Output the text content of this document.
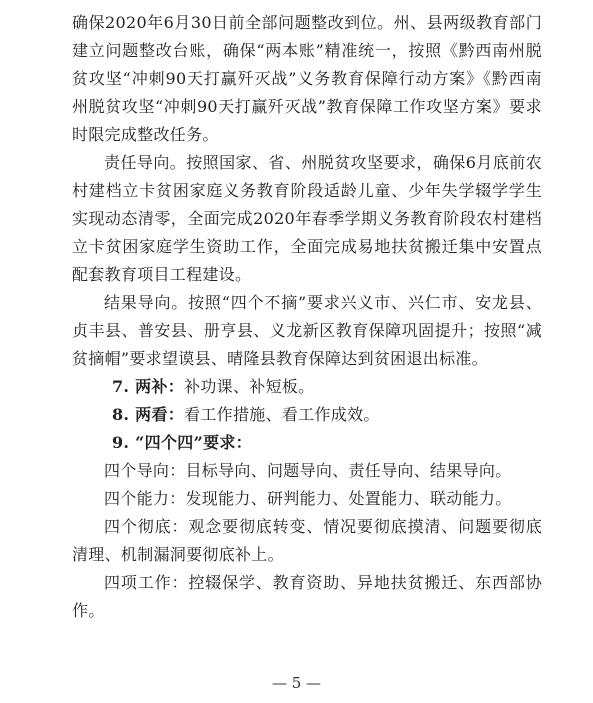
确保2020年6月30日前全部问题整改到位。州、县两级教育部门建立问题整改台账，确保“两本账”精准统一，按照《黔西南州脱贫攻坚“冲刺90天打赢歼灭战”义务教育保障行动方案》《黔西南州脱贫攻坚“冲刺90天打赢歼灭战”教育保障工作攻坚方案》要求时限完成整改任务。

责任导向。按照国家、省、州脱贫攻坚要求，确保6月底前农村建档立卡贫困家庭义务教育阶段适龄儿童、少年失学辍学学生实现动态清零，全面完成2020年春季学期义务教育阶段农村建档立卡贫困家庭学生资助工作，全面完成易地扶贫搬迁集中安置点配套教育项目工程建设。

结果导向。按照“四个不摘”要求兴义市、兴仁市、安龙县、贞丰县、普安县、册亨县、义龙新区教育保障巩固提升；按照“减贫摘帽”要求望谟县、晴隆县教育保障达到贫困退出标准。

7. 两补：补功课、补短板。

8. 两看：看工作措施、看工作成效。

9. “四个四”要求：

四个导向：目标导向、问题导向、责任导向、结果导向。

四个能力：发现能力、研判能力、处置能力、联动能力。

四个彻底：观念要彻底转变、情况要彻底摸清、问题要彻底清理、机制漏洞要彻底补上。

四项工作：控辍保学、教育资助、异地扶贫搬迁、东西部协作。

— 5 —
